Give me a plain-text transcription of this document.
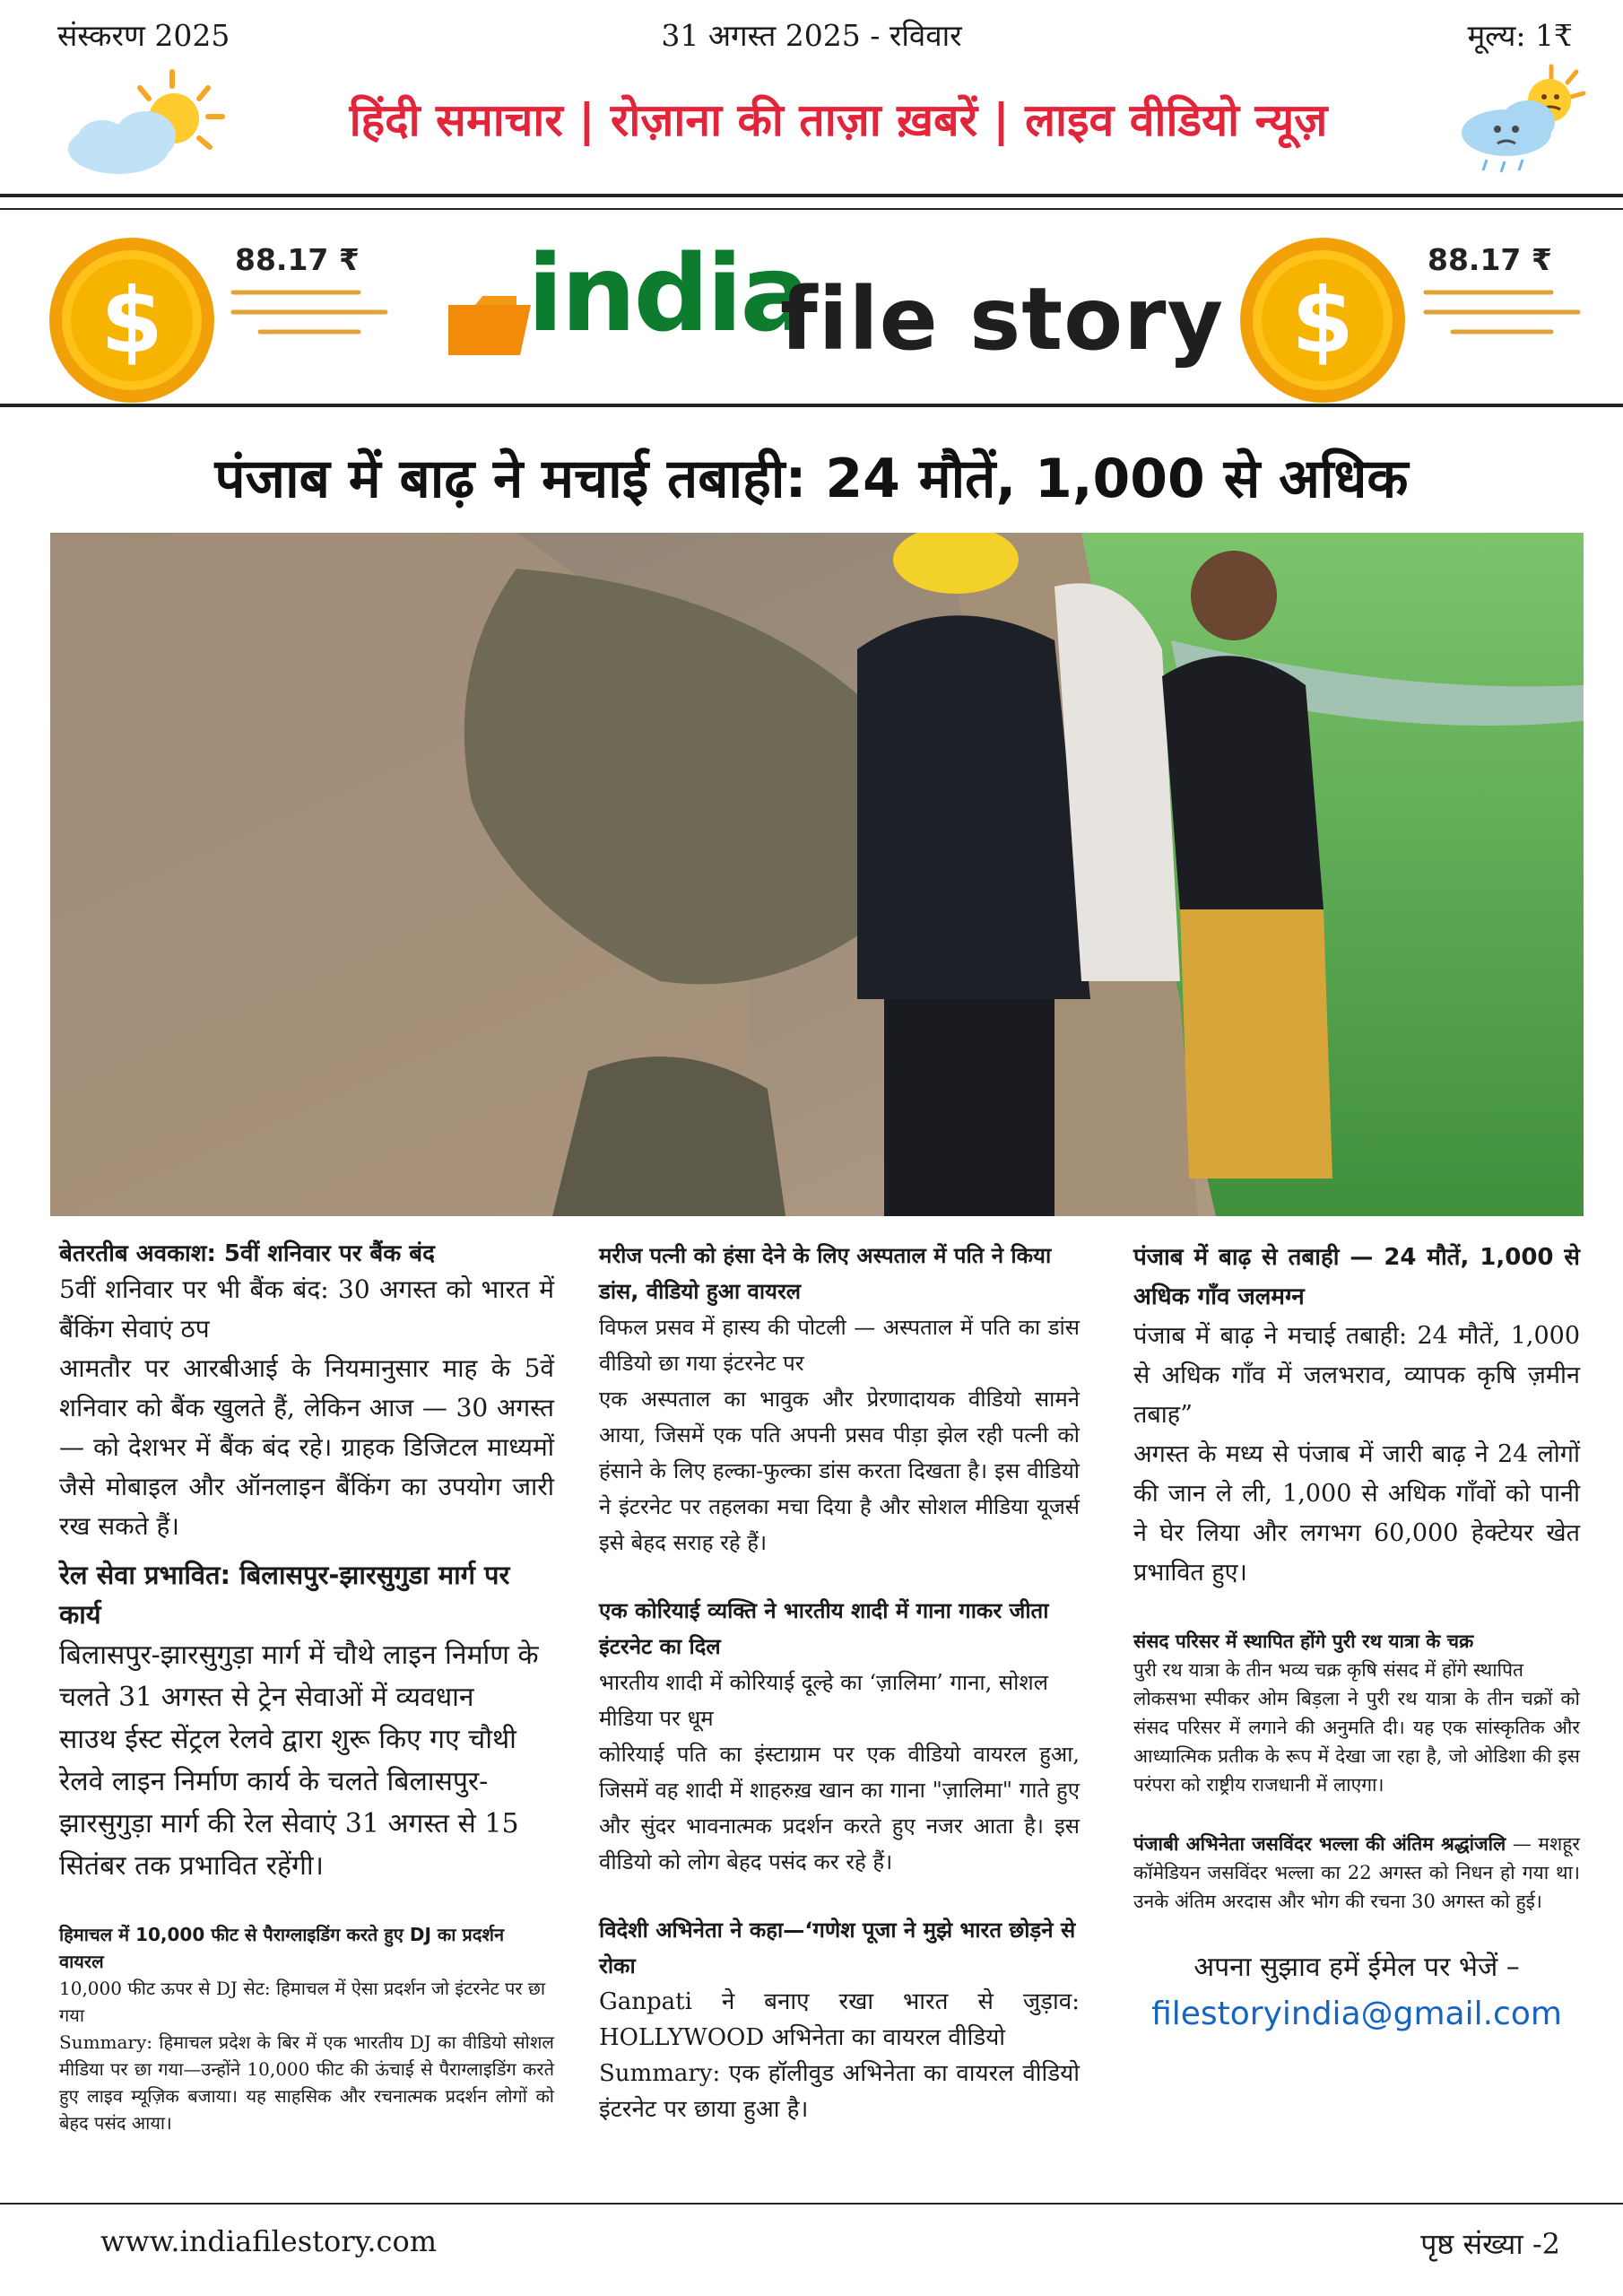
संस्करण 2025	31 अगस्त 2025 - रविवार	मूल्य: 1₹
हिंदी समाचार | रोज़ाना की ताज़ा ख़बरें | लाइव वीडियो न्यूज़
$
88.17 ₹ india
file story $
88.17 ₹
पंजाब में बाढ़ ने मचाई तबाही: 24 मौतें, 1,000 से अधिक

बेतरतीब अवकाश: 5वीं शनिवार पर बैंक बंद

5वीं शनिवार पर भी बैंक बंद: 30 अगस्त को भारत में बैंकिंग सेवाएं ठप

आमतौर पर आरबीआई के नियमानुसार माह के 5वें शनिवार को बैंक खुलते हैं, लेकिन आज — 30 अगस्त — को देशभर में बैंक बंद रहे। ग्राहक डिजिटल माध्यमों जैसे मोबाइल और ऑनलाइन बैंकिंग का उपयोग जारी रख सकते हैं।

रेल सेवा प्रभावित: बिलासपुर-झारसुगुडा मार्ग पर कार्य

बिलासपुर-झारसुगुड़ा मार्ग में चौथे लाइन निर्माण के चलते 31 अगस्त से ट्रेन सेवाओं में व्यवधान

साउथ ईस्ट सेंट्रल रेलवे द्वारा शुरू किए गए चौथी रेलवे लाइन निर्माण कार्य के चलते बिलासपुर-झारसुगुड़ा मार्ग की रेल सेवाएं 31 अगस्त से 15 सितंबर तक प्रभावित रहेंगी।

हिमाचल में 10,000 फीट से पैराग्लाइडिंग करते हुए DJ का प्रदर्शन वायरल

10,000 फीट ऊपर से DJ सेट: हिमाचल में ऐसा प्रदर्शन जो इंटरनेट पर छा गया

Summary: हिमाचल प्रदेश के बिर में एक भारतीय DJ का वीडियो सोशल मीडिया पर छा गया—उन्होंने 10,000 फीट की ऊंचाई से पैराग्लाइडिंग करते हुए लाइव म्यूज़िक बजाया। यह साहसिक और रचनात्मक प्रदर्शन लोगों को बेहद पसंद आया।

मरीज पत्नी को हंसा देने के लिए अस्पताल में पति ने किया डांस, वीडियो हुआ वायरल

विफल प्रसव में हास्य की पोटली — अस्पताल में पति का डांस वीडियो छा गया इंटरनेट पर

एक अस्पताल का भावुक और प्रेरणादायक वीडियो सामने आया, जिसमें एक पति अपनी प्रसव पीड़ा झेल रही पत्नी को हंसाने के लिए हल्का-फुल्का डांस करता दिखता है। इस वीडियो ने इंटरनेट पर तहलका मचा दिया है और सोशल मीडिया यूजर्स इसे बेहद सराह रहे हैं।

एक कोरियाई व्यक्ति ने भारतीय शादी में गाना गाकर जीता इंटरनेट का दिल

भारतीय शादी में कोरियाई दूल्हे का ‘ज़ालिमा’ गाना, सोशल मीडिया पर धूम

कोरियाई पति का इंस्टाग्राम पर एक वीडियो वायरल हुआ, जिसमें वह शादी में शाहरुख़ खान का गाना "ज़ालिमा" गाते हुए और सुंदर भावनात्मक प्रदर्शन करते हुए नजर आता है। इस वीडियो को लोग बेहद पसंद कर रहे हैं।

विदेशी अभिनेता ने कहा—‘गणेश पूजा ने मुझे भारत छोड़ने से रोका

Ganpati ने बनाए रखा भारत से जुड़ाव: HOLLYWOOD अभिनेता का वायरल वीडियो

Summary: एक हॉलीवुड अभिनेता का वायरल वीडियो इंटरनेट पर छाया हुआ है।

पंजाब में बाढ़ से तबाही — 24 मौतें, 1,000 से अधिक गाँव जलमग्न

पंजाब में बाढ़ ने मचाई तबाही: 24 मौतें, 1,000 से अधिक गाँव में जलभराव, व्यापक कृषि ज़मीन तबाह”

अगस्त के मध्य से पंजाब में जारी बाढ़ ने 24 लोगों की जान ले ली, 1,000 से अधिक गाँवों को पानी ने घेर लिया और लगभग 60,000 हेक्टेयर खेत प्रभावित हुए।

संसद परिसर में स्थापित होंगे पुरी रथ यात्रा के चक्र

पुरी रथ यात्रा के तीन भव्य चक्र कृषि संसद में होंगे स्थापित

लोकसभा स्पीकर ओम बिड़ला ने पुरी रथ यात्रा के तीन चक्रों को संसद परिसर में लगाने की अनुमति दी। यह एक सांस्कृतिक और आध्यात्मिक प्रतीक के रूप में देखा जा रहा है, जो ओडिशा की इस परंपरा को राष्ट्रीय राजधानी में लाएगा।

पंजाबी अभिनेता जसविंदर भल्ला की अंतिम श्रद्धांजलि — मशहूर कॉमेडियन जसविंदर भल्ला का 22 अगस्त को निधन हो गया था। उनके अंतिम अरदास और भोग की रचना 30 अगस्त को हुई।

अपना सुझाव हमें ईमेल पर भेजें –

filestoryindia@gmail.com

www.indiafilestory.com	पृष्ठ संख्या -2
